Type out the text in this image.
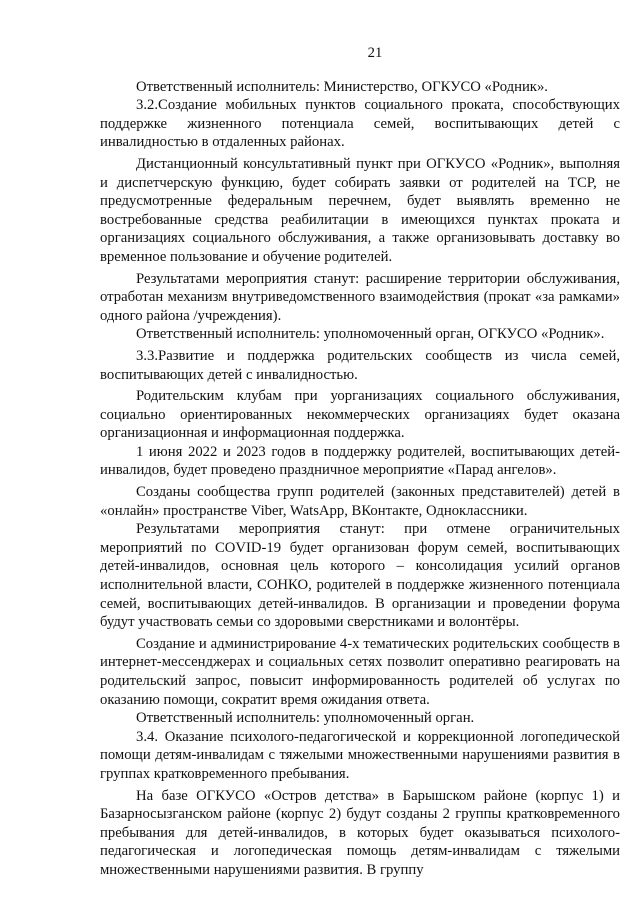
21

Ответственный исполнитель: Министерство, ОГКУСО «Родник».

3.2.Создание мобильных пунктов социального проката, способствующих поддержке жизненного потенциала семей, воспитывающих детей с инвалидностью в отдаленных районах.

Дистанционный консультативный пункт при ОГКУСО «Родник», выполняя и диспетчерскую функцию, будет собирать заявки от родителей на ТСР, не предусмотренные федеральным перечнем, будет выявлять временно не востребованные средства реабилитации в имеющихся пунктах проката и организациях социального обслуживания, а также организовывать доставку во временное пользование и обучение родителей.

Результатами мероприятия станут: расширение территории обслуживания, отработан механизм внутриведомственного взаимодействия (прокат «за рамками» одного района /учреждения).

Ответственный исполнитель: уполномоченный орган, ОГКУСО «Родник».

3.3.Развитие и поддержка родительских сообществ из числа семей, воспитывающих детей с инвалидностью.

Родительским клубам при уорганизациях социального обслуживания, социально ориентированных некоммерческих организациях будет оказана организационная и информационная поддержка.

1 июня 2022 и 2023 годов в поддержку родителей, воспитывающих детей-инвалидов, будет проведено праздничное мероприятие «Парад ангелов».

Созданы сообщества групп родителей (законных представителей) детей в «онлайн» пространстве Viber, WatsApp, ВКонтакте, Одноклассники.

Результатами мероприятия станут: при отмене ограничительных мероприятий по COVID-19 будет организован форум семей, воспитывающих детей-инвалидов, основная цель которого – консолидация усилий органов исполнительной власти, СОНКО, родителей в поддержке жизненного потенциала семей, воспитывающих детей-инвалидов. В организации и проведении форума будут участвовать семьи со здоровыми сверстниками и волонтёры.

Создание и администрирование 4-х тематических родительских сообществ в интернет-мессенджерах и социальных сетях позволит оперативно реагировать на родительский запрос, повысит информированность родителей об услугах по оказанию помощи, сократит время ожидания ответа.

Ответственный исполнитель: уполномоченный орган.

3.4. Оказание психолого-педагогической и коррекционной логопедической помощи детям-инвалидам с тяжелыми множественными нарушениями развития в группах кратковременного пребывания.

На базе ОГКУСО «Остров детства» в Барышском районе (корпус 1) и Базарносызганском районе (корпус 2) будут созданы 2 группы кратковременного пребывания для детей-инвалидов, в которых будет оказываться психолого-педагогическая и логопедическая помощь детям-инвалидам с тяжелыми множественными нарушениями развития. В группу
